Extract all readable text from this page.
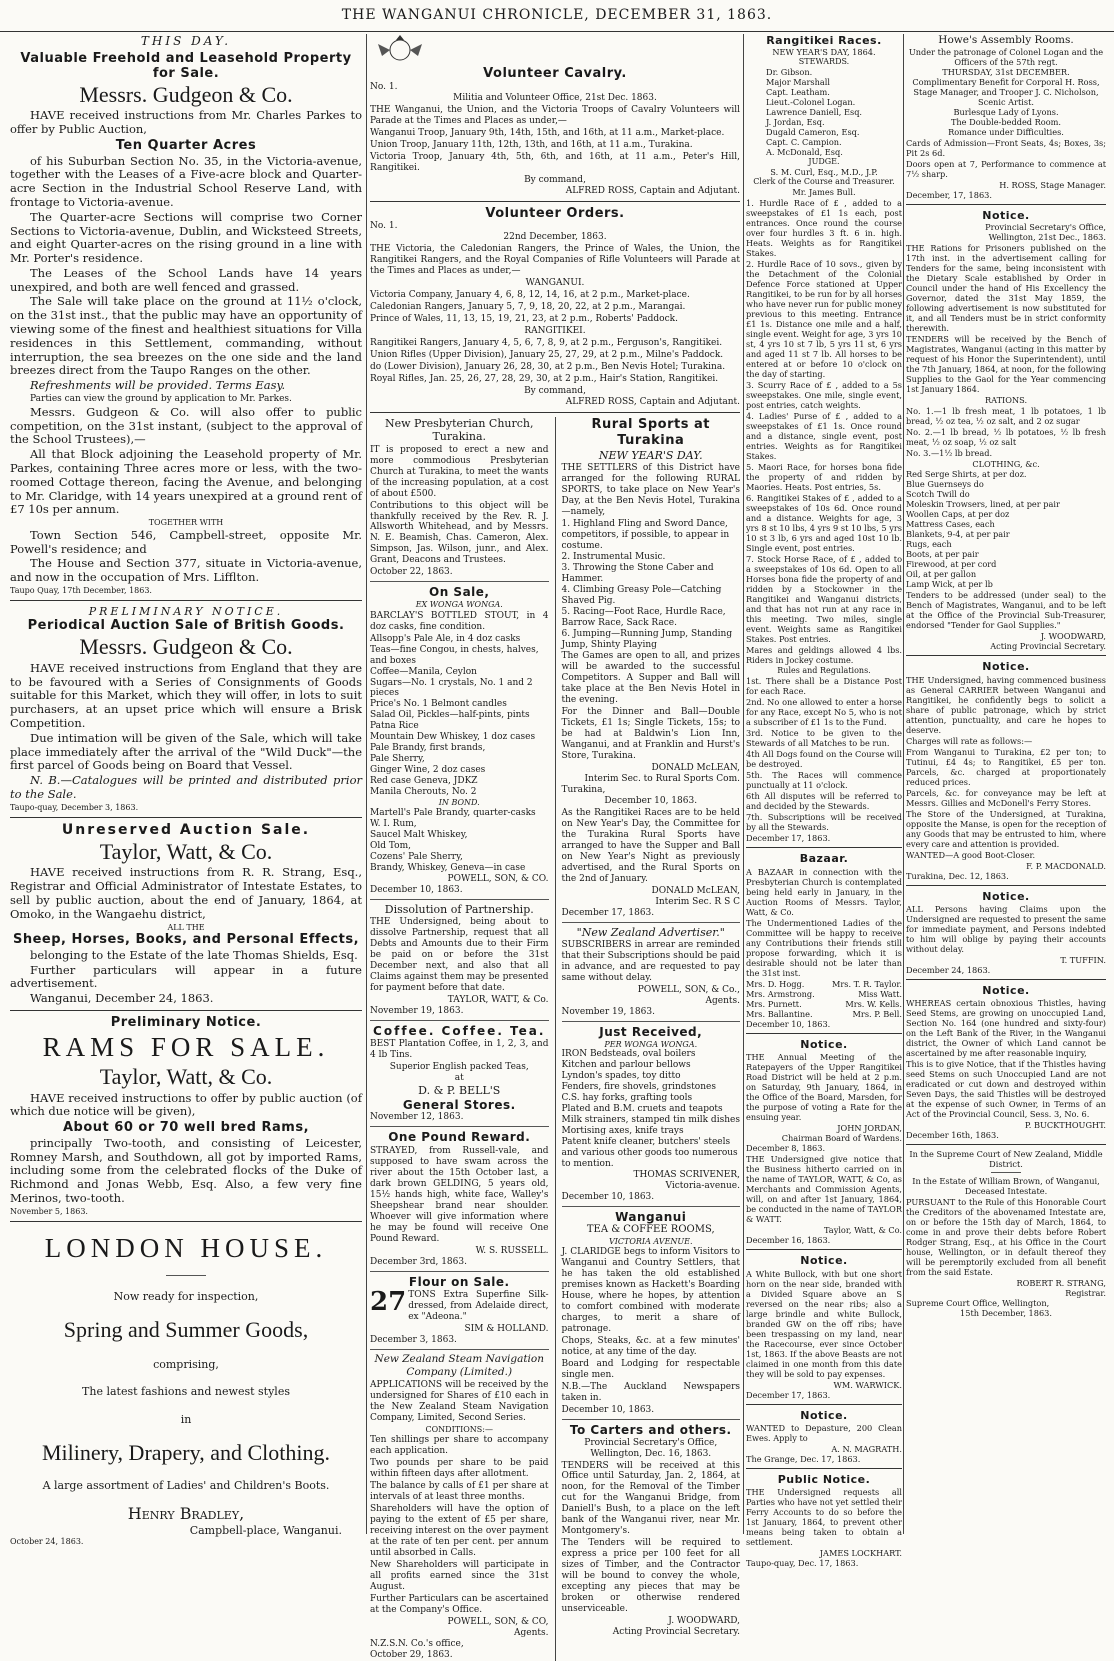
THE WANGANUI CHRONICLE, DECEMBER 31, 1863.
THIS DAY.
Valuable Freehold and Leasehold Property for Sale.
Messrs. Gudgeon & Co.

HAVE received instructions from Mr. Charles Parkes to offer by Public Auction,

Ten Quarter Acres

of his Suburban Section No. 35, in the Victoria-avenue, together with the Leases of a Five-acre block and Quarter-acre Section in the Industrial School Reserve Land, with frontage to Victoria-avenue.

The Quarter-acre Sections will comprise two Corner Sections to Victoria-avenue, Dublin, and Wicksteed Streets, and eight Quarter-acres on the rising ground in a line with Mr. Porter's residence.

The Leases of the School Lands have 14 years unexpired, and both are well fenced and grassed.

The Sale will take place on the ground at 11½ o'clock, on the 31st inst., that the public may have an opportunity of viewing some of the finest and healthiest situations for Villa residences in this Settlement, commanding, without interruption, the sea breezes on the one side and the land breezes direct from the Taupo Ranges on the other.

Refreshments will be provided. Terms Easy.

Parties can view the ground by application to Mr. Parkes.

Messrs. Gudgeon & Co. will also offer to public competition, on the 31st instant, (subject to the approval of the School Trustees),—

All that Block adjoining the Leasehold property of Mr. Parkes, containing Three acres more or less, with the two-roomed Cottage thereon, facing the Avenue, and belonging to Mr. Claridge, with 14 years unexpired at a ground rent of £7 10s per annum.

TOGETHER WITH

Town Section 546, Campbell-street, opposite Mr. Powell's residence; and

The House and Section 377, situate in Victoria-avenue, and now in the occupation of Mrs. Lifflton.

Taupo Quay, 17th December, 1863.
PRELIMINARY NOTICE.
Periodical Auction Sale of British Goods.
Messrs. Gudgeon & Co.

HAVE received instructions from England that they are to be favoured with a Series of Consignments of Goods suitable for this Market, which they will offer, in lots to suit purchasers, at an upset price which will ensure a Brisk Competition.

Due intimation will be given of the Sale, which will take place immediately after the arrival of the "Wild Duck"—the first parcel of Goods being on Board that Vessel.

N. B.—Catalogues will be printed and distributed prior to the Sale.

Taupo-quay, December 3, 1863.
Unreserved Auction Sale.
Taylor, Watt, & Co.

HAVE received instructions from R. R. Strang, Esq., Registrar and Official Administrator of Intestate Estates, to sell by public auction, about the end of January, 1864, at Omoko, in the Wangaehu district,

ALL THE
Sheep, Horses, Books, and Personal Effects,

belonging to the Estate of the late Thomas Shields, Esq.

Further particulars will appear in a future advertisement.

Wanganui, December 24, 1863.

Preliminary Notice.
RAMS FOR SALE.
Taylor, Watt, & Co.

HAVE received instructions to offer by public auction (of which due notice will be given),

About 60 or 70 well bred Rams,

principally Two-tooth, and consisting of Leicester, Romney Marsh, and Southdown, all got by imported Rams, including some from the celebrated flocks of the Duke of Richmond and Jonas Webb, Esq. Also, a few very fine Merinos, two-tooth.

November 5, 1863.
LONDON HOUSE.
Now ready for inspection,
Spring and Summer Goods,
comprising,
The latest fashions and newest styles
in
Milinery, Drapery, and Clothing.
A large assortment of Ladies' and Children's Boots.
Henry Bradley,
Campbell-place, Wanganui.
October 24, 1863.
Volunteer Cavalry.
No. 1.
Militia and Volunteer Office, 21st Dec. 1863.

THE Wanganui, the Union, and the Victoria Troops of Cavalry Volunteers will Parade at the Times and Places as under,—

Wanganui Troop, January 9th, 14th, 15th, and 16th, at 11 a.m., Market-place.

Union Troop, January 11th, 12th, 13th, and 16th, at 11 a.m., Turakina.

Victoria Troop, January 4th, 5th, 6th, and 16th, at 11 a.m., Peter's Hill, Rangitikei.

By command,
ALFRED ROSS, Captain and Adjutant.
Volunteer Orders.
No. 1.
22nd December, 1863.

THE Victoria, the Caledonian Rangers, the Prince of Wales, the Union, the Rangitikei Rangers, and the Royal Companies of Rifle Volunteers will Parade at the Times and Places as under,—

WANGANUI.

Victoria Company, January 4, 6, 8, 12, 14, 16, at 2 p.m., Market-place.

Caledonian Rangers, January 5, 7, 9, 18, 20, 22, at 2 p.m., Marangai.

Prince of Wales, 11, 13, 15, 19, 21, 23, at 2 p.m., Roberts' Paddock.

RANGITIKEI.

Rangitikei Rangers, January 4, 5, 6, 7, 8, 9, at 2 p.m., Ferguson's, Rangitikei.

Union Rifles (Upper Division), January 25, 27, 29, at 2 p.m., Milne's Paddock.

do (Lower Division), January 26, 28, 30, at 2 p.m., Ben Nevis Hotel; Turakina.

Royal Rifles, Jan. 25, 26, 27, 28, 29, 30, at 2 p.m., Hair's Station, Rangitikei.

By command,
ALFRED ROSS, Captain and Adjutant.
New Presbyterian Church, Turakina.

IT is proposed to erect a new and more commodious Presbyterian Church at Turakina, to meet the wants of the increasing population, at a cost of about £500.

Contributions to this object will be thankfully received by the Rev. R. J. Allsworth Whitehead, and by Messrs. N. E. Beamish, Chas. Cameron, Alex. Simpson, Jas. Wilson, junr., and Alex. Grant, Deacons and Trustees.

October 22, 1863.
On Sale,
EX WONGA WONGA.

BARCLAY'S BOTTLED STOUT, in 4 doz casks, fine condition.

Allsopp's Pale Ale, in 4 doz casks
Teas—fine Congou, in chests, halves, and boxes
Coffee—Manila, Ceylon
Sugars—No. 1 crystals, No. 1 and 2 pieces
Price's No. 1 Belmont candles
Salad Oil, Pickles—half-pints, pints
Patna Rice
Mountain Dew Whiskey, 1 doz cases
Pale Brandy, first brands,
Pale Sherry,
Ginger Wine, 2 doz cases
Red case Geneva, JDKZ
Manila Cherouts, No. 2
IN BOND.
Martell's Pale Brandy, quarter-casks
W. I. Rum,
Saucel Malt Whiskey,
Old Tom,
Cozens' Pale Sherry,
Brandy, Whiskey, Geneva—in case
POWELL, SON, & CO.
December 10, 1863.
Dissolution of Partnership.

THE Undersigned, being about to dissolve Partnership, request that all Debts and Amounts due to their Firm be paid on or before the 31st December next, and also that all Claims against them may be presented for payment before that date.

TAYLOR, WATT, & Co.
November 19, 1863.
Coffee. Coffee. Tea.

BEST Plantation Coffee, in 1, 2, 3, and 4 lb Tins.

Superior English packed Teas,
at
D. & P. BELL'S
General Stores.
November 12, 1863.
One Pound Reward.

STRAYED, from Russell-vale, and supposed to have swam across the river about the 15th October last, a dark brown GELDING, 5 years old, 15½ hands high, white face, Walley's Sheepshear brand near shoulder. Whoever will give information where he may be found will receive One Pound Reward.

W. S. RUSSELL.
December 3rd, 1863.
Flour on Sale.

27 TONS Extra Superfine Silk-dressed, from Adelaide direct, ex "Adeona."

SIM & HOLLAND.
December 3, 1863.
New Zealand Steam Navigation Company (Limited.)

APPLICATIONS will be received by the undersigned for Shares of £10 each in the New Zealand Steam Navigation Company, Limited, Second Series.

CONDITIONS:—

Ten shillings per share to accompany each application.

Two pounds per share to be paid within fifteen days after allotment.

The balance by calls of £1 per share at intervals of at least three months.

Shareholders will have the option of paying to the extent of £5 per share, receiving interest on the over payment at the rate of ten per cent. per annum until absorbed in Calls.

New Shareholders will participate in all profits earned since the 31st August.

Further Particulars can be ascertained at the Company's Office.

POWELL, SON, & CO,
Agents.
N.Z.S.N. Co.'s office,
October 29, 1863.
Rural Sports at Turakina
NEW YEAR'S DAY.

THE SETTLERS of this District have arranged for the following RURAL SPORTS, to take place on New Year's Day, at the Ben Nevis Hotel, Turakina—namely,

1. Highland Fling and Sword Dance, competitors, if possible, to appear in costume.
2. Instrumental Music.
3. Throwing the Stone Caber and Hammer.
4. Climbing Greasy Pole—Catching Shaved Pig.
5. Racing—Foot Race, Hurdle Race, Barrow Race, Sack Race.
6. Jumping—Running Jump, Standing Jump, Shinty Playing

The Games are open to all, and prizes will be awarded to the successful Competitors. A Supper and Ball will take place at the Ben Nevis Hotel in the evening.

For the Dinner and Ball—Double Tickets, £1 1s; Single Tickets, 15s; to be had at Baldwin's Lion Inn, Wanganui, and at Franklin and Hurst's Store, Turakina.

DONALD McLEAN,
Interim Sec. to Rural Sports Com.
Turakina,
December 10, 1863.

As the Rangitikei Races are to be held on New Year's Day, the Committee for the Turakina Rural Sports have arranged to have the Supper and Ball on New Year's Night as previously advertised, and the Rural Sports on the 2nd of January.

DONALD McLEAN,
Interim Sec. R S C
December 17, 1863.
"New Zealand Advertiser."

SUBSCRIBERS in arrear are reminded that their Subscriptions should be paid in advance, and are requested to pay same without delay.

POWELL, SON, & Co.,
Agents.
November 19, 1863.
Just Received,
PER WONGA WONGA.
IRON Bedsteads, oval boilers
Kitchen and parlour bellows
Lyndon's spades, toy ditto
Fenders, fire shovels, grindstones
C.S. hay forks, grafting tools
Plated and B.M. cruets and teapots
Milk strainers, stamped tin milk dishes
Mortising axes, knife trays
Patent knife cleaner, butchers' steels
and various other goods too numerous to mention.
THOMAS SCRIVENER,
Victoria-avenue.
December 10, 1863.
Wanganui
TEA & COFFEE ROOMS,
VICTORIA AVENUE.

J. CLARIDGE begs to inform Visitors to Wanganui and Country Settlers, that he has taken the old established premises known as Hackett's Boarding House, where he hopes, by attention to comfort combined with moderate charges, to merit a share of patronage.

Chops, Steaks, &c. at a few minutes' notice, at any time of the day.

Board and Lodging for respectable single men.

N.B.—The Auckland Newspapers taken in.

December 10, 1863.
To Carters and others.
Provincial Secretary's Office,
Wellington, Dec. 16, 1863.

TENDERS will be received at this Office until Saturday, Jan. 2, 1864, at noon, for the Removal of the Timber cut for the Wanganui Bridge, from Daniell's Bush, to a place on the left bank of the Wanganui river, near Mr. Montgomery's.

The Tenders will be required to express a price per 100 feet for all sizes of Timber, and the Contractor will be bound to convey the whole, excepting any pieces that may be broken or otherwise rendered unserviceable.

J. WOODWARD,
Acting Provincial Secretary.
Rangitikei Races.
NEW YEAR'S DAY, 1864.
STEWARDS.
Dr. Gibson.
Major Marshall
Capt. Leatham.
Lieut.-Colonel Logan.
Lawrence Daniell, Esq.
J. Jordan, Esq.
Dugald Cameron, Esq.
Capt. C. Campion.
A. McDonald, Esq.
JUDGE.
S. M. Curl, Esq., M.D., J.P.
Clerk of the Course and Treasurer.
Mr. James Bull.

1. Hurdle Race of £ , added to a sweepstakes of £1 1s each, post entrances. Once round the course over four hurdles 3 ft. 6 in. high. Heats. Weights as for Rangitikei Stakes.

2. Hurdle Race of 10 sovs., given by the Detachment of the Colonial Defence Force stationed at Upper Rangitikei, to be run for by all horses who have never run for public money previous to this meeting. Entrance £1 1s. Distance one mile and a half, single event. Weight for age, 3 yrs 10 st, 4 yrs 10 st 7 lb, 5 yrs 11 st, 6 yrs and aged 11 st 7 lb. All horses to be entered at or before 10 o'clock on the day of starting.

3. Scurry Race of £ , added to a 5s sweepstakes. One mile, single event, post entries, catch weights.

4. Ladies' Purse of £ , added to a sweepstakes of £1 1s. Once round and a distance, single event, post entries. Weights as for Rangitikei Stakes.

5. Maori Race, for horses bona fide the property of and ridden by Maories. Heats. Post entries, 5s.

6. Rangitikei Stakes of £ , added to a sweepstakes of 10s 6d. Once round and a distance. Weights for age, 3 yrs 8 st 10 lbs, 4 yrs 9 st 10 lbs, 5 yrs 10 st 3 lb, 6 yrs and aged 10st 10 lb. Single event, post entries.

7. Stock Horse Race, of £ , added to a sweepstakes of 10s 6d. Open to all Horses bona fide the property of and ridden by a Stockowner in the Rangitikei and Wanganui districts, and that has not run at any race in this meeting. Two miles, single event. Weights same as Rangitikei Stakes. Post entries.

Mares and geldings allowed 4 lbs. Riders in Jockey costume.

Rules and Regulations.

1st. There shall be a Distance Post for each Race.

2nd. No one allowed to enter a horse for any Race, except No 5, who is not a subscriber of £1 1s to the Fund.

3rd. Notice to be given to the Stewards of all Matches to be run.

4th All Dogs found on the Course will be destroyed.

5th. The Races will commence punctually at 11 o'clock.

6th All disputes will be referred to and decided by the Stewards.

7th. Subscriptions will be received by all the Stewards.

December 17, 1863.
Bazaar.

A BAZAAR in connection with the Presbyterian Church is contemplated being held early in January, in the Auction Rooms of Messrs. Taylor, Watt, & Co.

The Undermentioned Ladies of the Committee will be happy to receive any Contributions their friends still propose forwarding, which it is desirable should not be later than the 31st inst.

Mrs. D. Hogg.	Mrs. T. R. Taylor.
Mrs. Armstrong.	Miss Watt.
Mrs. Purnett.	Mrs. W. Kells.
Mrs. Ballantine.	Mrs. P. Bell.
December 10, 1863.
Notice.

THE Annual Meeting of the Ratepayers of the Upper Rangitikei Road District will be held at 2 p.m. on Saturday, 9th January, 1864, in the Office of the Board, Marsden, for the purpose of voting a Rate for the ensuing year.

JOHN JORDAN,
Chairman Board of Wardens.
December 8, 1863.

THE Undersigned give notice that the Business hitherto carried on in the name of TAYLOR, WATT, & Co, as Merchants and Commission Agents, will, on and after 1st January, 1864, be conducted in the name of TAYLOR & WATT.

Taylor, Watt, & Co.
December 16, 1863.
Notice.

A White Bullock, with but one short horn on the near side, branded with a Divided Square above an S reversed on the near ribs; also a large brindle and white Bullock, branded GW on the off ribs; have been trespassing on my land, near the Racecourse, ever since October 1st, 1863. If the above Beasts are not claimed in one month from this date they will be sold to pay expenses.

WM. WARWICK.
December 17, 1863.
Notice.

WANTED to Depasture, 200 Clean Ewes. Apply to

A. N. MAGRATH.
The Grange, Dec. 17, 1863.
Public Notice.

THE Undersigned requests all Parties who have not yet settled their Ferry Accounts to do so before the 1st January, 1864, to prevent other means being taken to obtain a settlement.

JAMES LOCKHART.
Taupo-quay, Dec. 17, 1863.
Howe's Assembly Rooms.
Under the patronage of Colonel Logan and the Officers of the 57th regt.
THURSDAY, 31st DECEMBER.
Complimentary Benefit for Corporal H. Ross, Stage Manager, and Trooper J. C. Nicholson, Scenic Artist.
Burlesque Lady of Lyons.
The Double-bedded Room.
Romance under Difficulties.

Cards of Admission—Front Seats, 4s; Boxes, 3s; Pit 2s 6d.

Doors open at 7, Performance to commence at 7½ sharp.

H. ROSS, Stage Manager.
December, 17, 1863.
Notice.
Provincial Secretary's Office,
Wellington, 21st Dec., 1863.

THE Rations for Prisoners published on the 17th inst. in the advertisement calling for Tenders for the same, being inconsistent with the Dietary Scale established by Order in Council under the hand of His Excellency the Governor, dated the 31st May 1859, the following advertisement is now substituted for it, and all Tenders must be in strict conformity therewith.

TENDERS will be received by the Bench of Magistrates, Wanganui (acting in this matter by request of his Honor the Superintendent), until the 7th January, 1864, at noon, for the following Supplies to the Gaol for the Year commencing 1st January 1864.

RATIONS.

No. 1.—1 lb fresh meat, 1 lb potatoes, 1 lb bread, ½ oz tea, ½ oz salt, and 2 oz sugar

No. 2.—1 lb bread, ½ lb potatoes, ½ lb fresh meat, ½ oz soap, ½ oz salt

No. 3.—1½ lb bread.

CLOTHING, &c.
Red Serge Shirts, at per doz.
Blue Guernseys do
Scotch Twill do
Moleskin Trowsers, lined, at per pair
Woollen Caps, at per doz
Mattress Cases, each
Blankets, 9-4, at per pair
Rugs, each
Boots, at per pair
Firewood, at per cord
Oil, at per gallon
Lamp Wick, at per lb

Tenders to be addressed (under seal) to the Bench of Magistrates, Wanganui, and to be left at the Office of the Provincial Sub-Treasurer, endorsed "Tender for Gaol Supplies."

J. WOODWARD,
Acting Provincial Secretary.
Notice.

THE Undersigned, having commenced business as General CARRIER between Wanganui and Rangitikei, he confidently begs to solicit a share of public patronage, which by strict attention, punctuality, and care he hopes to deserve.

Charges will rate as follows:—

From Wanganui to Turakina, £2 per ton; to Tutinui, £4 4s; to Rangitikei, £5 per ton. Parcels, &c. charged at proportionately reduced prices.

Parcels, &c. for conveyance may be left at Messrs. Gillies and McDonell's Ferry Stores.

The Store of the Undersigned, at Turakina, opposite the Manse, is open for the reception of any Goods that may be entrusted to him, where every care and attention is provided.

WANTED—A good Boot-Closer.

F. P. MACDONALD.
Turakina, Dec. 12, 1863.
Notice.

ALL Persons having Claims upon the Undersigned are requested to present the same for immediate payment, and Persons indebted to him will oblige by paying their accounts without delay.

T. TUFFIN.
December 24, 1863.
Notice.

WHEREAS certain obnoxious Thistles, having Seed Stems, are growing on unoccupied Land, Section No. 164 (one hundred and sixty-four) on the Left Bank of the River, in the Wanganui district, the Owner of which Land cannot be ascertained by me after reasonable inquiry,

This is to give Notice, that if the Thistles having seed Stems on such Unoccupied Land are not eradicated or cut down and destroyed within Seven Days, the said Thistles will be destroyed at the expense of such Owner, in Terms of an Act of the Provincial Council, Sess. 3, No. 6.

P. BUCKTHOUGHT.
December 16th, 1863.
In the Supreme Court of New Zealand, Middle District.
In the Estate of William Brown, of Wanganui, Deceased Intestate.

PURSUANT to the Rule of this Honorable Court the Creditors of the abovenamed Intestate are, on or before the 15th day of March, 1864, to come in and prove their debts before Robert Rodger Strang, Esq., at his Office in the Court house, Wellington, or in default thereof they will be peremptorily excluded from all benefit from the said Estate.

ROBERT R. STRANG,
Registrar.
Supreme Court Office, Wellington,
15th December, 1863.
